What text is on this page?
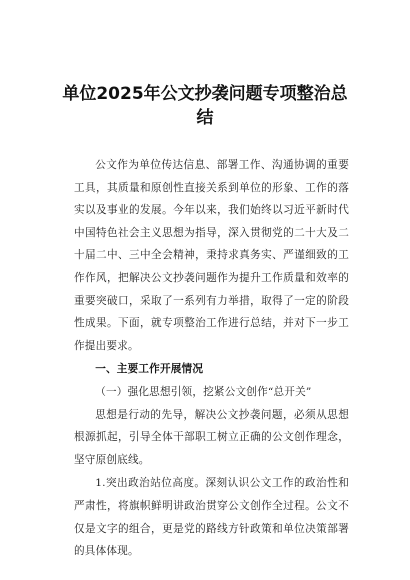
单位2025年公文抄袭问题专项整治总结

公文作为单位传达信息、部署工作、沟通协调的重要工具，其质量和原创性直接关系到单位的形象、工作的落实以及事业的发展。今年以来，我们始终以习近平新时代中国特色社会主义思想为指导，深入贯彻党的二十大及二十届二中、三中全会精神，秉持求真务实、严谨细致的工作作风，把解决公文抄袭问题作为提升工作质量和效率的重要突破口，采取了一系列有力举措，取得了一定的阶段性成果。下面，就专项整治工作进行总结，并对下一步工作提出要求。

一、主要工作开展情况

（一）强化思想引领，挖紧公文创作“总开关”

思想是行动的先导，解决公文抄袭问题，必须从思想根源抓起，引导全体干部职工树立正确的公文创作理念，坚守原创底线。

1.突出政治站位高度。深刻认识公文工作的政治性和严肃性，将旗帜鲜明讲政治贯穿公文创作全过程。公文不仅是文字的组合，更是党的路线方针政策和单位决策部署的具体体现。
